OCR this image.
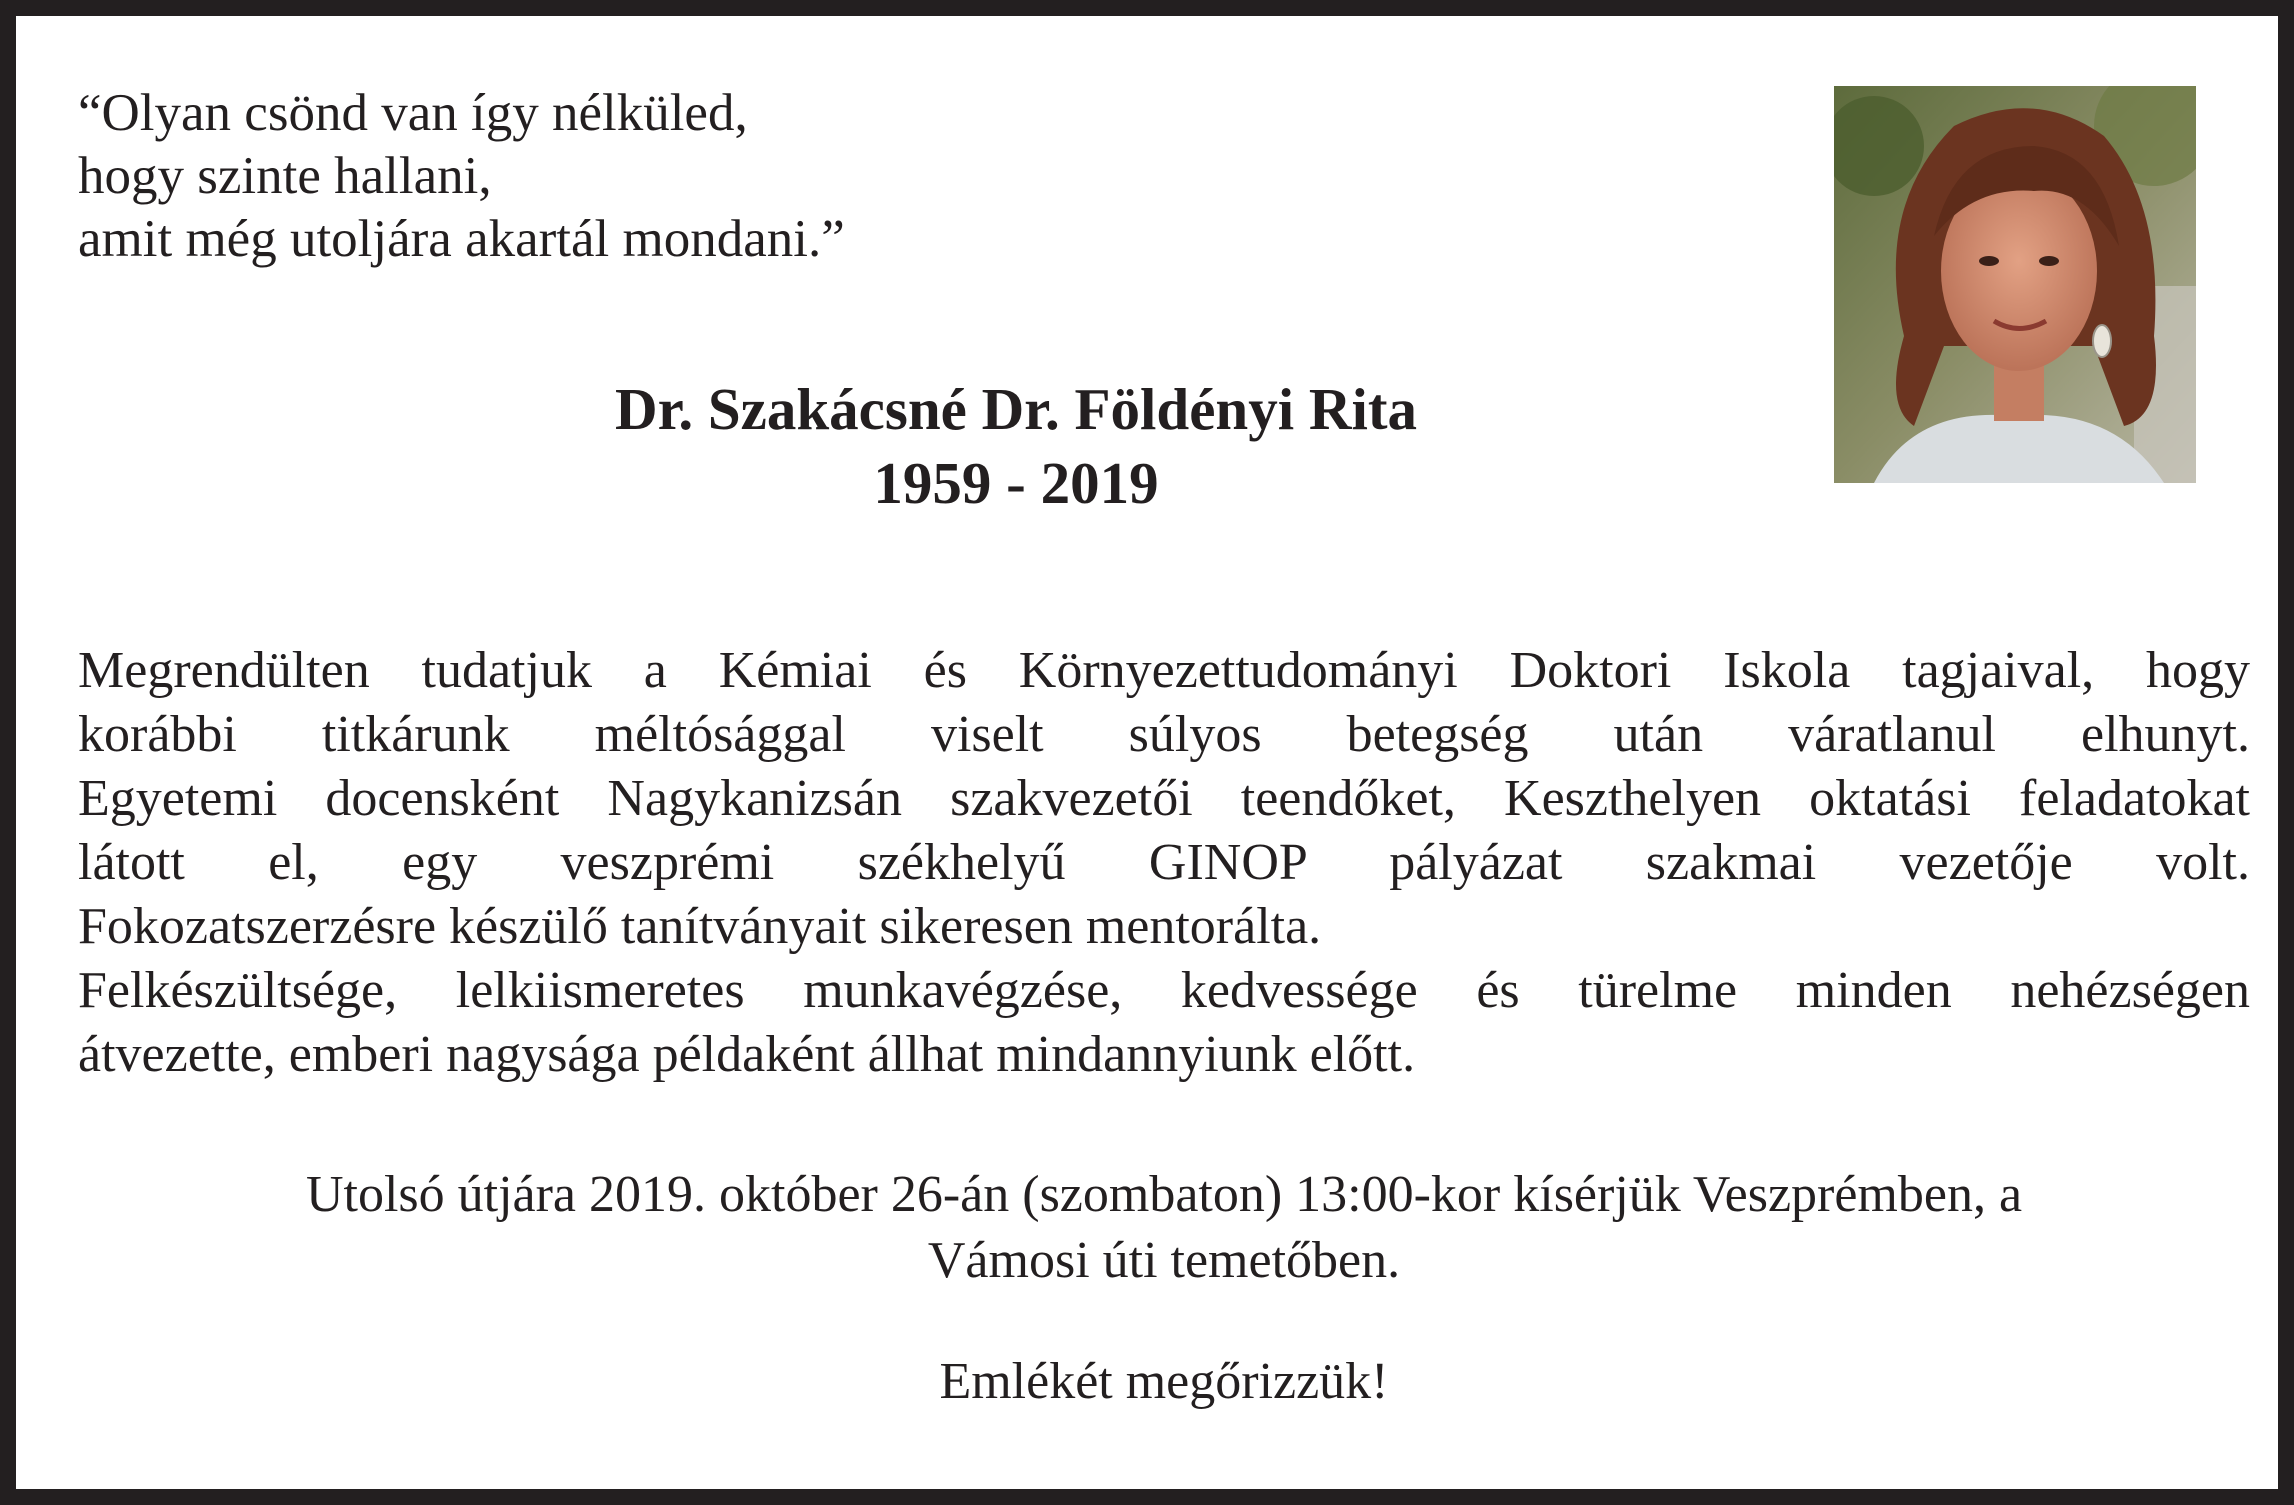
“Olyan csönd van így nélküled,
hogy szinte hallani,
amit még utoljára akartál mondani.”
Dr. Szakácsné Dr. Földényi Rita
1959 - 2019
Megrendülten tudatjuk a Kémiai és Környezettudományi Doktori Iskola tagjaival, hogy
korábbi titkárunk méltósággal viselt súlyos betegség után váratlanul elhunyt.
Egyetemi docensként Nagykanizsán szakvezetői teendőket, Keszthelyen oktatási feladatokat
látott el, egy veszprémi székhelyű GINOP pályázat szakmai vezetője volt.
Fokozatszerzésre készülő tanítványait sikeresen mentorálta.
Felkészültsége, lelkiismeretes munkavégzése, kedvessége és türelme minden nehézségen
átvezette, emberi nagysága példaként állhat mindannyiunk előtt.
Utolsó útjára 2019. október 26-án (szombaton) 13:00-kor kísérjük Veszprémben, a
Vámosi úti temetőben.
Emlékét megőrizzük!
